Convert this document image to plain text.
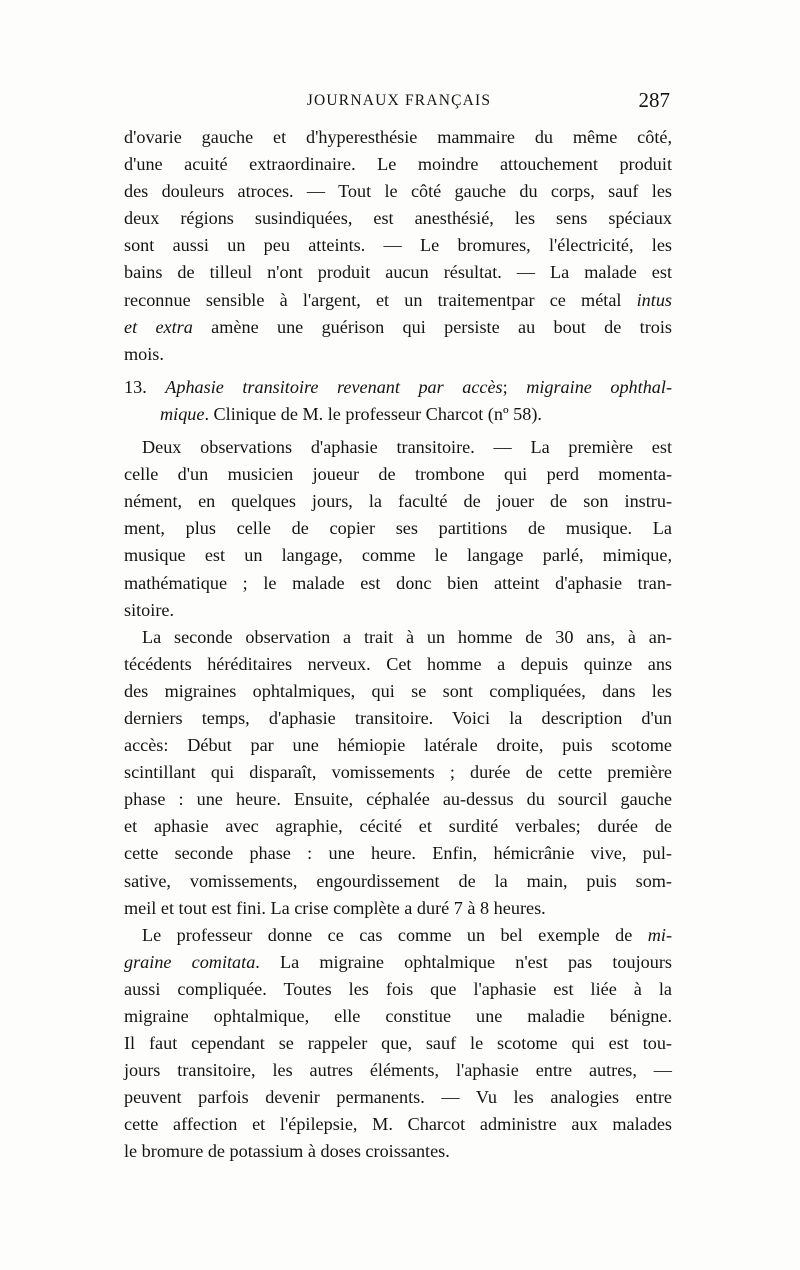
JOURNAUX FRANÇAIS	287
d'ovarie gauche et d'hyperesthésie mammaire du même côté,
d'une acuité extraordinaire. Le moindre attouchement produit
des douleurs atroces. — Tout le côté gauche du corps, sauf les
deux régions susindiquées, est anesthésié, les sens spéciaux
sont aussi un peu atteints. — Le bromures, l'électricité, les
bains de tilleul n'ont produit aucun résultat. — La malade est
reconnue sensible à l'argent, et un traitementpar ce métal intus
et extra amène une guérison qui persiste au bout de trois
mois.
13. Aphasie transitoire revenant par accès; migraine ophthal-
mique. Clinique de M. le professeur Charcot (nº 58).
Deux observations d'aphasie transitoire. — La première est
celle d'un musicien joueur de trombone qui perd momenta-
nément, en quelques jours, la faculté de jouer de son instru-
ment, plus celle de copier ses partitions de musique. La
musique est un langage, comme le langage parlé, mimique,
mathématique ; le malade est donc bien atteint d'aphasie tran-
sitoire.
La seconde observation a trait à un homme de 30 ans, à an-
técédents héréditaires nerveux. Cet homme a depuis quinze ans
des migraines ophtalmiques, qui se sont compliquées, dans les
derniers temps, d'aphasie transitoire. Voici la description d'un
accès: Début par une hémiopie latérale droite, puis scotome
scintillant qui disparaît, vomissements ; durée de cette première
phase : une heure. Ensuite, céphalée au-dessus du sourcil gauche
et aphasie avec agraphie, cécité et surdité verbales; durée de
cette seconde phase : une heure. Enfin, hémicrânie vive, pul-
sative, vomissements, engourdissement de la main, puis som-
meil et tout est fini. La crise complète a duré 7 à 8 heures.
Le professeur donne ce cas comme un bel exemple de mi-
graine comitata. La migraine ophtalmique n'est pas toujours
aussi compliquée. Toutes les fois que l'aphasie est liée à la
migraine ophtalmique, elle constitue une maladie bénigne.
Il faut cependant se rappeler que, sauf le scotome qui est tou-
jours transitoire, les autres éléments, l'aphasie entre autres, —
peuvent parfois devenir permanents. — Vu les analogies entre
cette affection et l'épilepsie, M. Charcot administre aux malades
le bromure de potassium à doses croissantes.
